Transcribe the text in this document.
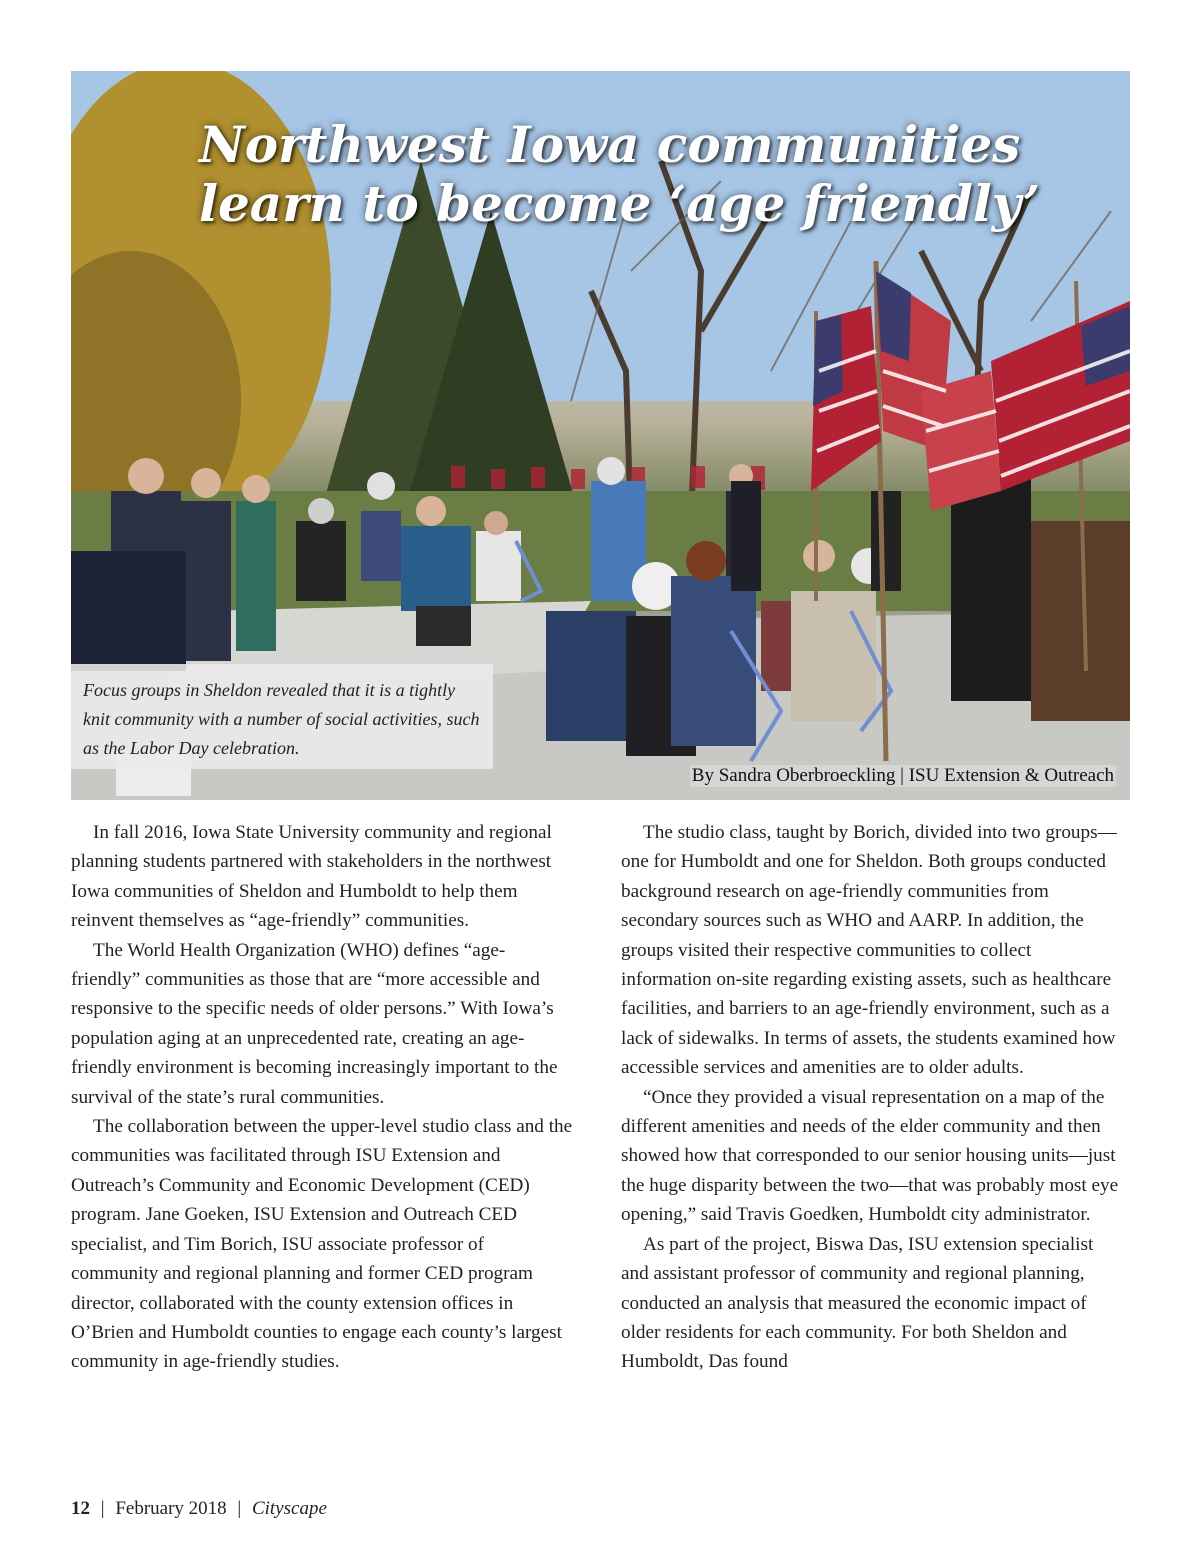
Northwest Iowa communities
learn to become ‘age friendly’

Focus groups in Sheldon revealed that it is a tightly knit community with a number of social activities, such as the Labor Day celebration.

By Sandra Oberbroeckling | ISU Extension & Outreach

In fall 2016, Iowa State University community and regional planning students partnered with stakeholders in the northwest Iowa communities of Sheldon and Humboldt to help them reinvent themselves as “age-friendly” communities.

The World Health Organization (WHO) defines “age-friendly” communities as those that are “more accessible and responsive to the specific needs of older persons.” With Iowa’s population aging at an unprecedented rate, creating an age-friendly environment is becoming increasingly important to the survival of the state’s rural communities.

The collaboration between the upper-level studio class and the communities was facilitated through ISU Extension and Outreach’s Community and Economic Development (CED) program. Jane Goeken, ISU Extension and Outreach CED specialist, and Tim Borich, ISU associate professor of community and regional planning and former CED program director, collaborated with the county extension offices in O’Brien and Humboldt counties to engage each county’s largest community in age-friendly studies.

The studio class, taught by Borich, divided into two groups—one for Humboldt and one for Sheldon. Both groups conducted background research on age-friendly communities from secondary sources such as WHO and AARP. In addition, the groups visited their respective communities to collect information on-site regarding existing assets, such as healthcare facilities, and barriers to an age-friendly environment, such as a lack of sidewalks. In terms of assets, the students examined how accessible services and amenities are to older adults.

“Once they provided a visual representation on a map of the different amenities and needs of the elder community and then showed how that corresponded to our senior housing units—just the huge disparity between the two—that was probably most eye opening,” said Travis Goedken, Humboldt city administrator.

As part of the project, Biswa Das, ISU extension specialist and assistant professor of community and regional planning, conducted an analysis that measured the economic impact of older residents for each community. For both Sheldon and Humboldt, Das found

12 | February 2018 | Cityscape
